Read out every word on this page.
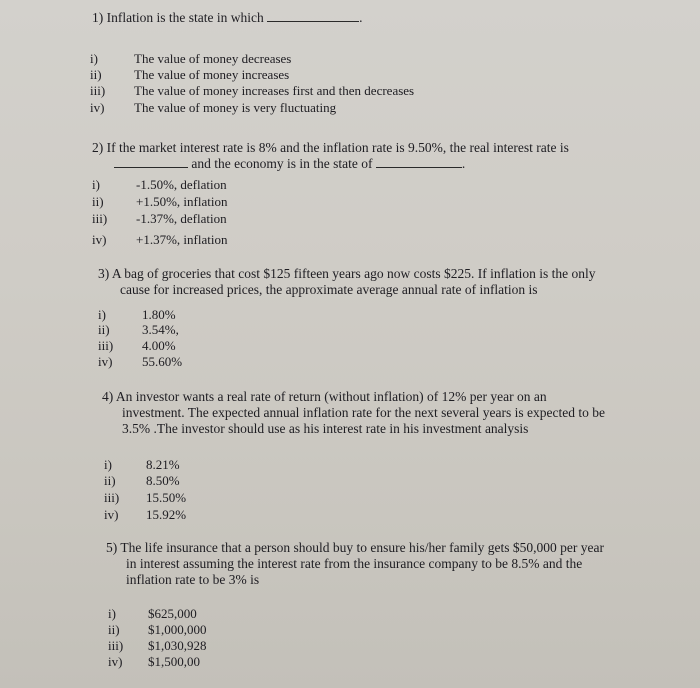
1) Inflation is the state in which	.
i)	The value of money decreases
ii) The value of money increases
iii) The value of money increases first and then decreases
iv) The value of money is very fluctuating
2) If the market interest rate is 8% and the inflation rate is 9.50%, the real interest rate is
and the economy is in the state of	.
i)	-1.50%, deflation
ii) +1.50%, inflation
iii) -1.37%, deflation
iv) +1.37%, inflation
3) A bag of groceries that cost $125 fifteen years ago now costs $225. If inflation is the only
cause for increased prices, the approximate average annual rate of inflation is
i)	1.80%
ii) 3.54%,
iii) 4.00%
iv) 55.60%
4) An investor wants a real rate of return (without inflation) of 12% per year on an
investment. The expected annual inflation rate for the next several years is expected to be
3.5% .The investor should use as his interest rate in his investment analysis
i)	8.21%
ii) 8.50%
iii) 15.50%
iv) 15.92%
5) The life insurance that a person should buy to ensure his/her family gets $50,000 per year
in interest assuming the interest rate from the insurance company to be 8.5% and the
inflation rate to be 3% is
i) $625,000
ii) $1,000,000
iii) $1,030,928
iv) $1,500,00
